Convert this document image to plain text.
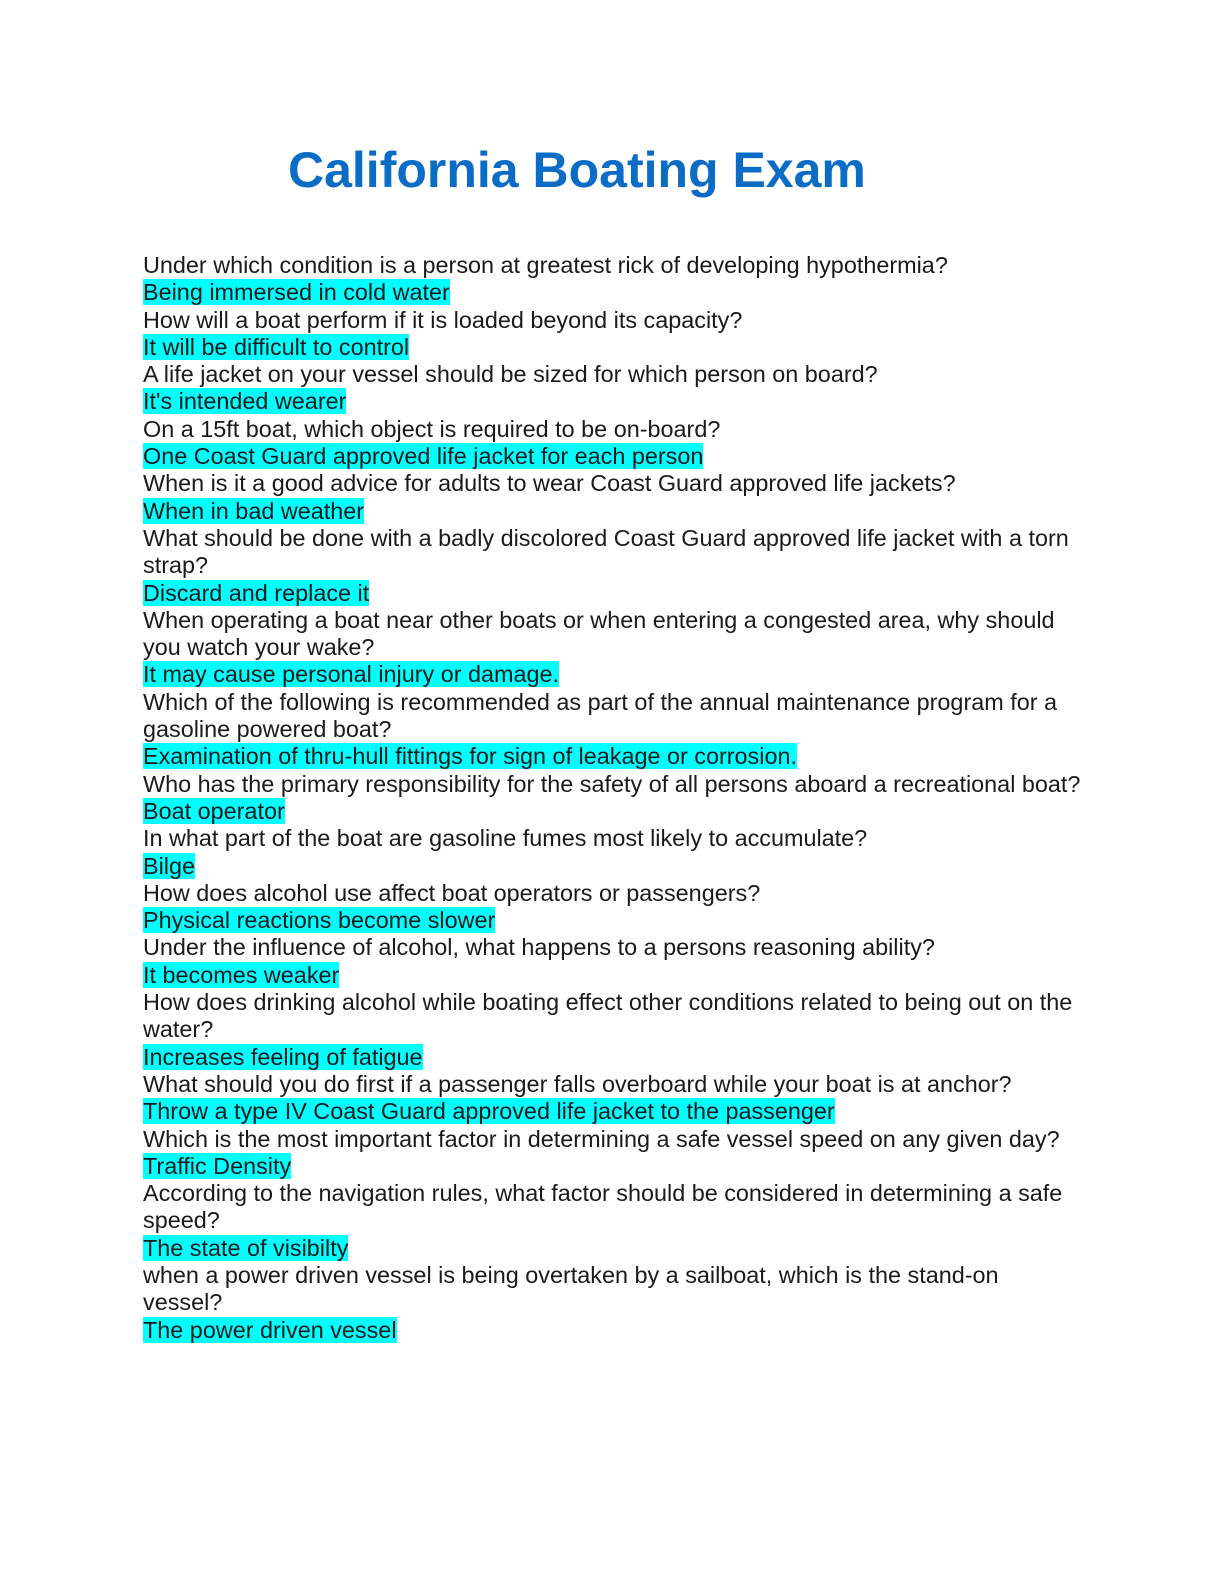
California Boating Exam
Under which condition is a person at greatest rick of developing hypothermia?
Being immersed in cold water
How will a boat perform if it is loaded beyond its capacity?
It will be difficult to control
A life jacket on your vessel should be sized for which person on board?
It's intended wearer
On a 15ft boat, which object is required to be on-board?
One Coast Guard approved life jacket for each person
When is it a good advice for adults to wear Coast Guard approved life jackets?
When in bad weather
What should be done with a badly discolored Coast Guard approved life jacket with a torn strap?
Discard and replace it
When operating a boat near other boats or when entering a congested area, why should you watch your wake?
It may cause personal injury or damage.
Which of the following is recommended as part of the annual maintenance program for a gasoline powered boat?
Examination of thru-hull fittings for sign of leakage or corrosion.
Who has the primary responsibility for the safety of all persons aboard a recreational boat?
Boat operator
In what part of the boat are gasoline fumes most likely to accumulate?
Bilge
How does alcohol use affect boat operators or passengers?
Physical reactions become slower
Under the influence of alcohol, what happens to a persons reasoning ability?
It becomes weaker
How does drinking alcohol while boating effect other conditions related to being out on the water?
Increases feeling of fatigue
What should you do first if a passenger falls overboard while your boat is at anchor?
Throw a type IV Coast Guard approved life jacket to the passenger
Which is the most important factor in determining a safe vessel speed on any given day?
Traffic Density
According to the navigation rules, what factor should be considered in determining a safe speed?
The state of visibilty
when a power driven vessel is being overtaken by a sailboat, which is the stand-on vessel?
The power driven vessel
